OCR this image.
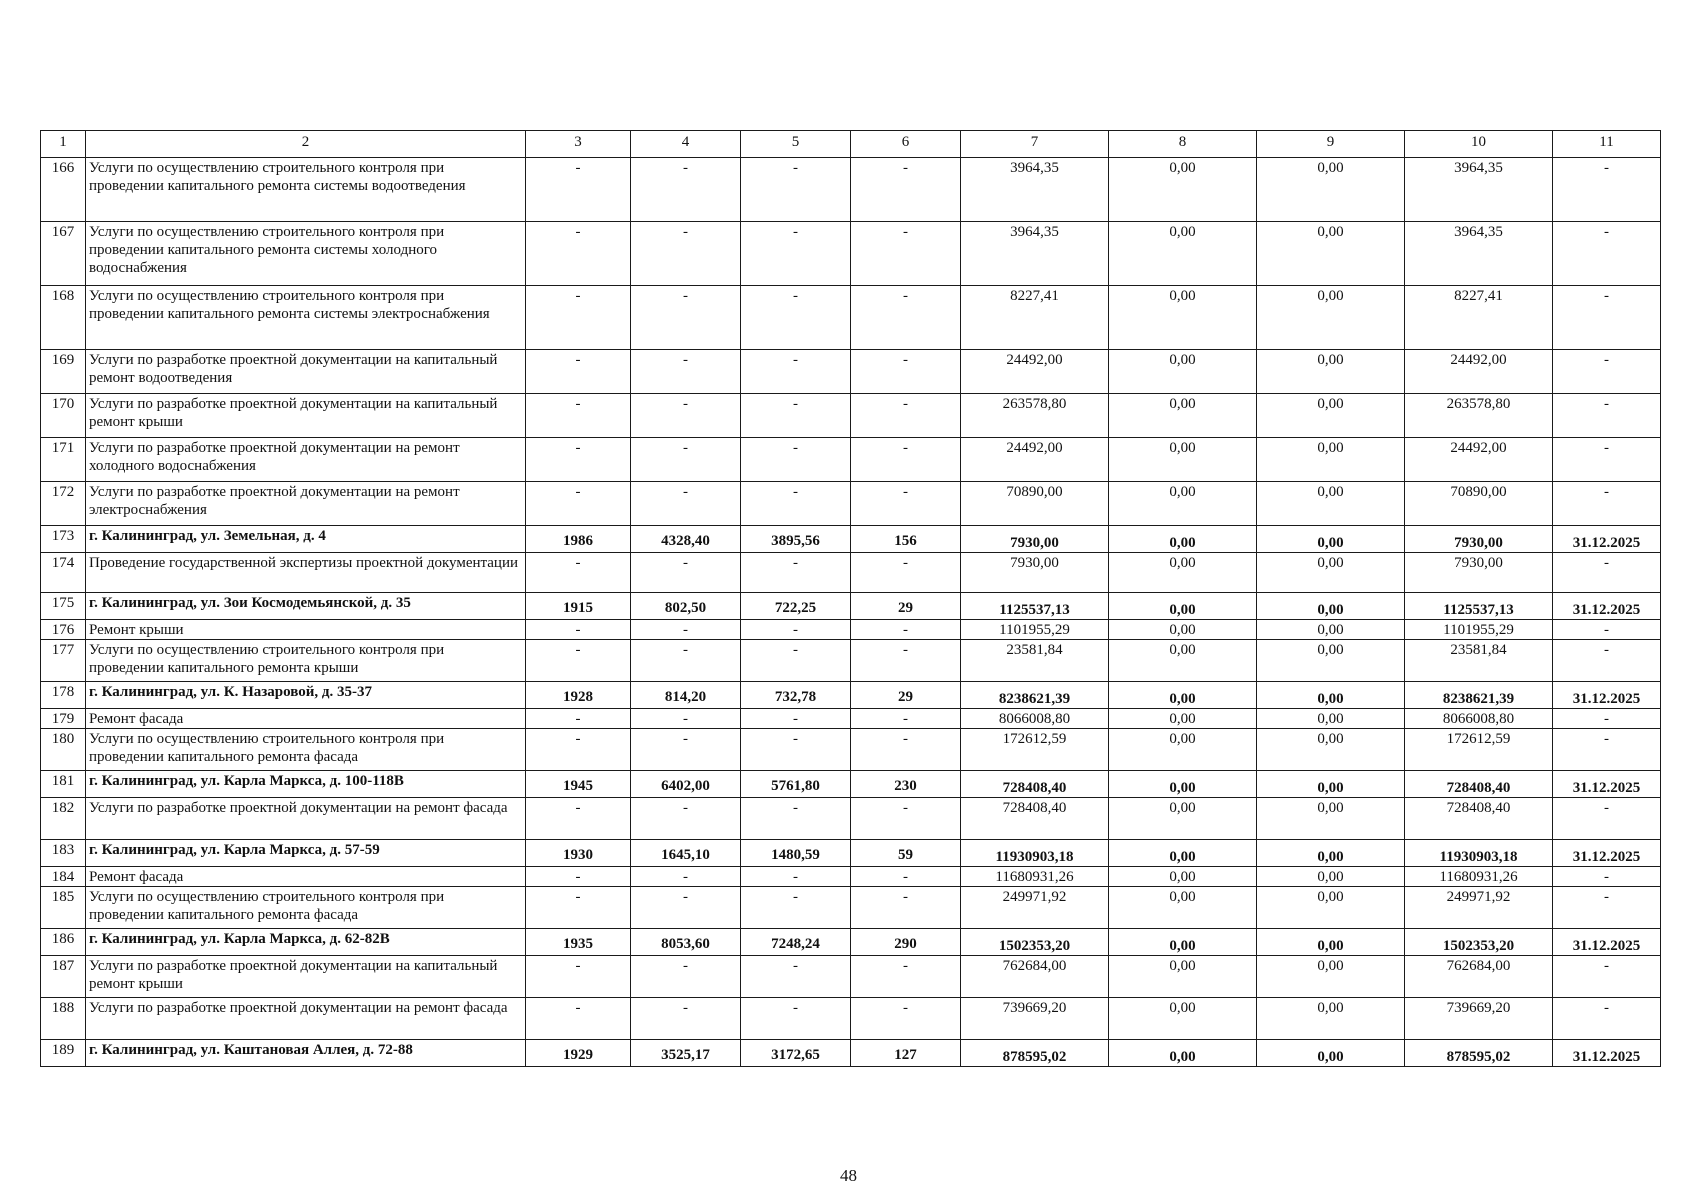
1	2	3	4	5	6	7	8	9	10	11
166	Услуги по осуществлению строительного контроля при проведении капитального ремонта системы водоотведения	-	-	-	-	3964,35	0,00	0,00	3964,35	-
167	Услуги по осуществлению строительного контроля при проведении капитального ремонта системы холодного водоснабжения	-	-	-	-	3964,35	0,00	0,00	3964,35	-
168	Услуги по осуществлению строительного контроля при проведении капитального ремонта системы электроснабжения	-	-	-	-	8227,41	0,00	0,00	8227,41	-
169	Услуги по разработке проектной документации на капитальный ремонт водоотведения	-	-	-	-	24492,00	0,00	0,00	24492,00	-
170	Услуги по разработке проектной документации на капитальный ремонт крыши	-	-	-	-	263578,80	0,00	0,00	263578,80	-
171	Услуги по разработке проектной документации на ремонт холодного водоснабжения	-	-	-	-	24492,00	0,00	0,00	24492,00	-
172	Услуги по разработке проектной документации на ремонт электроснабжения	-	-	-	-	70890,00	0,00	0,00	70890,00	-
173	г. Калининград, ул. Земельная, д. 4	1986	4328,40	3895,56	156	7930,00	0,00	0,00	7930,00	31.12.2025
174	Проведение государственной экспертизы проектной документации	-	-	-	-	7930,00	0,00	0,00	7930,00	-
175	г. Калининград, ул. Зои Космодемьянской, д. 35	1915	802,50	722,25	29	1125537,13	0,00	0,00	1125537,13	31.12.2025
176	Ремонт крыши	-	-	-	-	1101955,29	0,00	0,00	1101955,29	-
177	Услуги по осуществлению строительного контроля при проведении капитального ремонта крыши	-	-	-	-	23581,84	0,00	0,00	23581,84	-
178	г. Калининград, ул. К. Назаровой, д. 35-37	1928	814,20	732,78	29	8238621,39	0,00	0,00	8238621,39	31.12.2025
179	Ремонт фасада	-	-	-	-	8066008,80	0,00	0,00	8066008,80	-
180	Услуги по осуществлению строительного контроля при проведении капитального ремонта фасада	-	-	-	-	172612,59	0,00	0,00	172612,59	-
181	г. Калининград, ул. Карла Маркса, д. 100-118В	1945	6402,00	5761,80	230	728408,40	0,00	0,00	728408,40	31.12.2025
182	Услуги по разработке проектной документации на ремонт фасада	-	-	-	-	728408,40	0,00	0,00	728408,40	-
183	г. Калининград, ул. Карла Маркса, д. 57-59	1930	1645,10	1480,59	59	11930903,18	0,00	0,00	11930903,18	31.12.2025
184	Ремонт фасада	-	-	-	-	11680931,26	0,00	0,00	11680931,26	-
185	Услуги по осуществлению строительного контроля при проведении капитального ремонта фасада	-	-	-	-	249971,92	0,00	0,00	249971,92	-
186	г. Калининград, ул. Карла Маркса, д. 62-82В	1935	8053,60	7248,24	290	1502353,20	0,00	0,00	1502353,20	31.12.2025
187	Услуги по разработке проектной документации на капитальный ремонт крыши	-	-	-	-	762684,00	0,00	0,00	762684,00	-
188	Услуги по разработке проектной документации на ремонт фасада	-	-	-	-	739669,20	0,00	0,00	739669,20	-
189	г. Калининград, ул. Каштановая Аллея, д. 72-88	1929	3525,17	3172,65	127	878595,02	0,00	0,00	878595,02	31.12.2025
48
